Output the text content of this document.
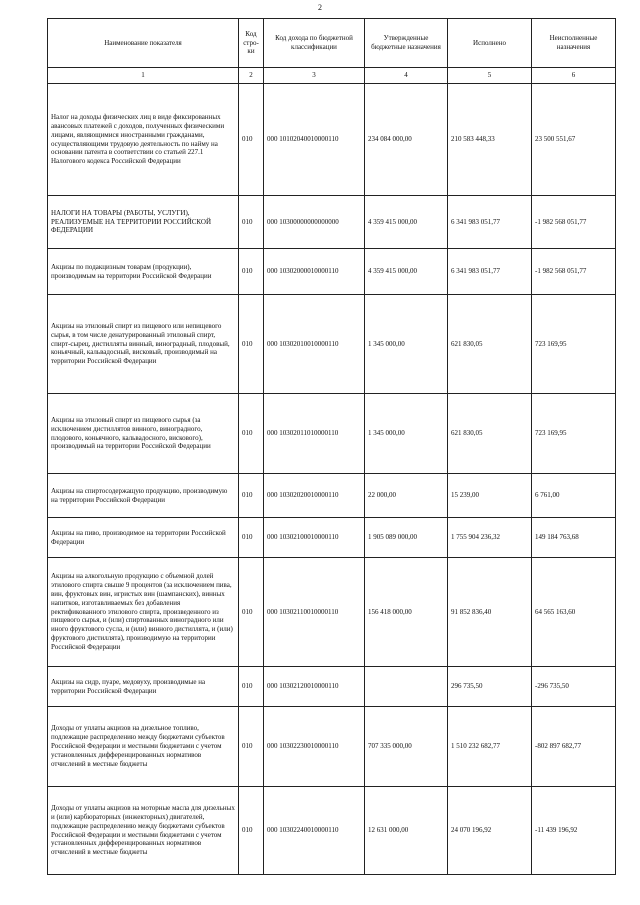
2
Наименование показателя	Код стро-ки	Код дохода по бюджетной классификации	Утвержденные бюджетные назначения	Исполнено	Неисполненные назначения
1	2	3	4	5	6
Налог на доходы физических лиц в виде фиксированных авансовых платежей с доходов, полученных физическими лицами, являющимися иностранными гражданами, осуществляющими трудовую деятельность по найму на основании патента в соответствии со статьей 227.1 Налогового кодекса Российской Федерации	010	000 10102040010000110	234 084 000,00	210 583 448,33	23 500 551,67
НАЛОГИ НА ТОВАРЫ (РАБОТЫ, УСЛУГИ), РЕАЛИЗУЕМЫЕ НА ТЕРРИТОРИИ РОССИЙСКОЙ ФЕДЕРАЦИИ	010	000 10300000000000000	4 359 415 000,00	6 341 983 051,77	-1 982 568 051,77
Акцизы по подакцизным товарам (продукции), производимым на территории Российской Федерации	010	000 10302000010000110	4 359 415 000,00	6 341 983 051,77	-1 982 568 051,77
Акцизы на этиловый спирт из пищевого или непищевого сырья, в том числе денатурированный этиловый спирт, спирт-сырец, дистилляты винный, виноградный, плодовый, коньячный, кальвадосный, висковый, производимый на территории Российской Федерации	010	000 10302010010000110	1 345 000,00	621 830,05	723 169,95
Акцизы на этиловый спирт из пищевого сырья (за исключением дистиллятов винного, виноградного, плодового, коньячного, кальвадосного, вискового), производимый на территории Российской Федерации	010	000 10302011010000110	1 345 000,00	621 830,05	723 169,95
Акцизы на спиртосодержащую продукцию, производимую на территории Российской Федерации	010	000 10302020010000110	22 000,00	15 239,00	6 761,00
Акцизы на пиво, производимое на территории Российской Федерации	010	000 10302100010000110	1 905 089 000,00	1 755 904 236,32	149 184 763,68
Акцизы на алкогольную продукцию с объемной долей этилового спирта свыше 9 процентов (за исключением пива, вин, фруктовых вин, игристых вин (шампанских), винных напитков, изготавливаемых без добавления ректификованного этилового спирта, произведенного из пищевого сырья, и (или) спиртованных виноградного или иного фруктового сусла, и (или) винного дистиллята, и (или) фруктового дистиллята), производимую на территории Российской Федерации	010	000 10302110010000110	156 418 000,00	91 852 836,40	64 565 163,60
Акцизы на сидр, пуаре, медовуху, производимые на территории Российской Федерации	010	000 10302120010000110		296 735,50	-296 735,50
Доходы от уплаты акцизов на дизельное топливо, подлежащие распределению между бюджетами субъектов Российской Федерации и местными бюджетами с учетом установленных дифференцированных нормативов отчислений в местные бюджеты	010	000 10302230010000110	707 335 000,00	1 510 232 682,77	-802 897 682,77
Доходы от уплаты акцизов на моторные масла для дизельных и (или) карбюраторных (инжекторных) двигателей, подлежащие распределению между бюджетами субъектов Российской Федерации и местными бюджетами с учетом установленных дифференцированных нормативов отчислений в местные бюджеты	010	000 10302240010000110	12 631 000,00	24 070 196,92	-11 439 196,92
